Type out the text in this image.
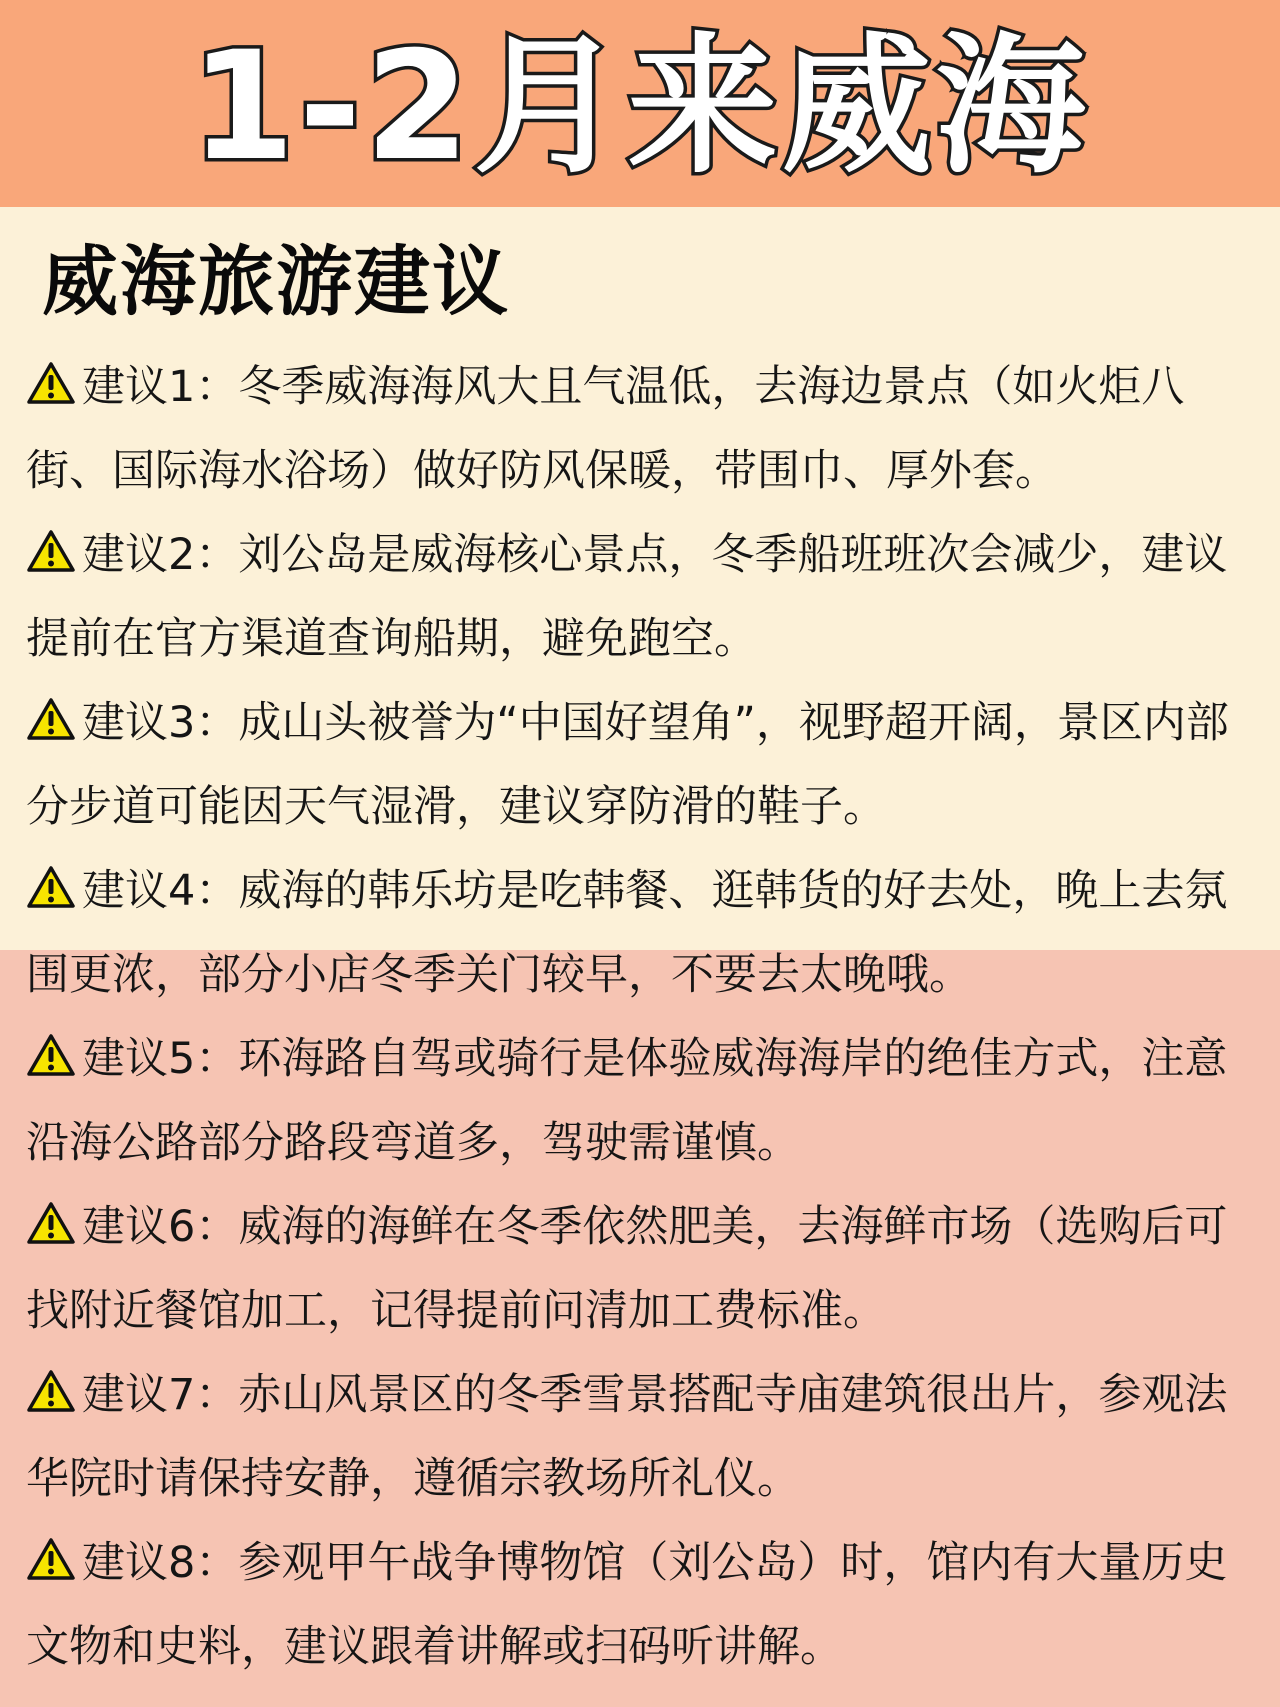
1-2月来威海
威海旅游建议
建议1：冬季威海海风大且气温低，去海边景点（如火炬八街、国际海水浴场）做好防风保暖，带围巾、厚外套。
建议2：刘公岛是威海核心景点，冬季船班班次会减少，建议提前在官方渠道查询船期，避免跑空。
建议3：成山头被誉为“中国好望角”，视野超开阔，景区内部分步道可能因天气湿滑，建议穿防滑的鞋子。
建议4：威海的韩乐坊是吃韩餐、逛韩货的好去处，晚上去氛围更浓，部分小店冬季关门较早，不要去太晚哦。
建议5：环海路自驾或骑行是体验威海海岸的绝佳方式，注意沿海公路部分路段弯道多，驾驶需谨慎。
建议6：威海的海鲜在冬季依然肥美，去海鲜市场（选购后可找附近餐馆加工，记得提前问清加工费标准。
建议7：赤山风景区的冬季雪景搭配寺庙建筑很出片，参观法华院时请保持安静，遵循宗教场所礼仪。
建议8：参观甲午战争博物馆（刘公岛）时，馆内有大量历史文物和史料，建议跟着讲解或扫码听讲解。
